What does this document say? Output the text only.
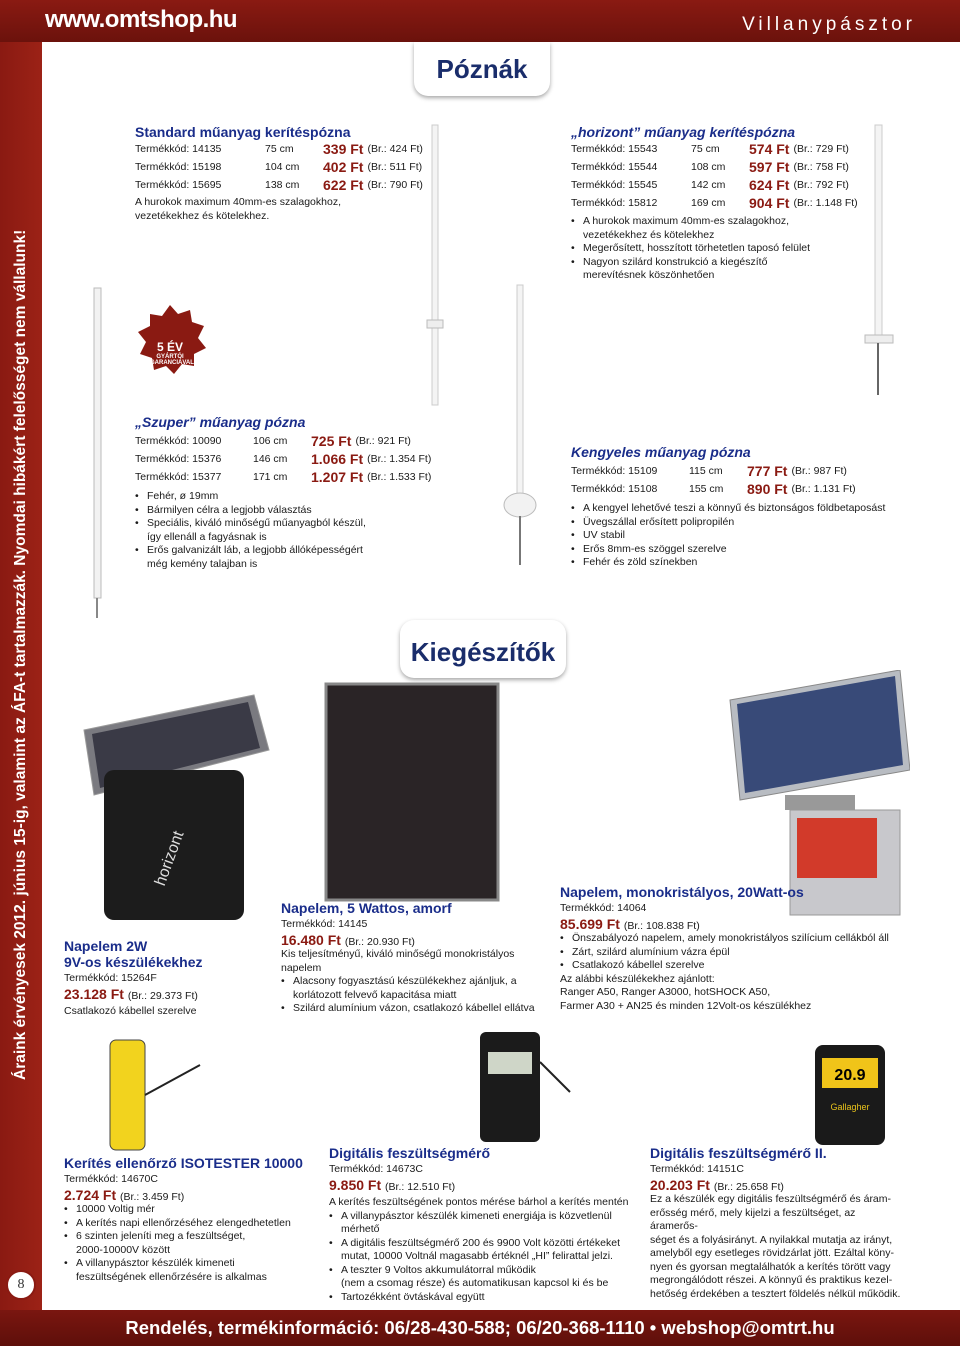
www.omtshop.hu	Villanypásztor
Áraink érvényesek 2012. június 15-ig, valamint az ÁFA-t tartalmazzák. Nyomdai hibákért felelősséget nem vállalunk!
8
Póznák
Kiegészítők
5 ÉV
GYÁRTÓI
GARANCIÁVAL!
Standard műanyag kerítéspózna
Termékkód: 14135	75 cm	339 Ft (Br.: 424 Ft)
Termékkód: 15198	104 cm	402 Ft (Br.: 511 Ft)
Termékkód: 15695	138 cm	622 Ft (Br.: 790 Ft)
A hurokok maximum 40mm-es szalagokhoz,
vezetékekhez és kötelekhez.
„horizont” műanyag kerítéspózna
Termékkód: 15543	75 cm	574 Ft (Br.: 729 Ft)
Termékkód: 15544	108 cm	597 Ft (Br.: 758 Ft)
Termékkód: 15545	142 cm	624 Ft (Br.: 792 Ft)
Termékkód: 15812	169 cm	904 Ft (Br.: 1.148 Ft)
• A hurokok maximum 40mm-es szalagokhoz,
vezetékekhez és kötelekhez
• Megerősített, hosszított törhetetlen taposó felület
• Nagyon szilárd konstrukció a kiegészítő
merevítésnek köszönhetően
„Szuper” műanyag pózna
Termékkód: 10090	106 cm	725 Ft (Br.: 921 Ft)
Termékkód: 15376	146 cm	1.066 Ft (Br.: 1.354 Ft)
Termékkód: 15377	171 cm	1.207 Ft (Br.: 1.533 Ft)
• Fehér, ø 19mm
• Bármilyen célra a legjobb választás
• Speciális, kiváló minőségű műanyagból készül,
így ellenáll a fagyásnak is
• Erős galvanizált láb, a legjobb állóképességért
még kemény talajban is
Kengyeles műanyag pózna
Termékkód: 15109	115 cm	777 Ft (Br.: 987 Ft)
Termékkód: 15108	155 cm	890 Ft (Br.: 1.131 Ft)
• A kengyel lehetővé teszi a könnyű és biztonságos földbetaposást
• Üvegszállal erősített polipropilén
• UV stabil
• Erős 8mm-es szöggel szerelve
• Fehér és zöld színekben
horizont
Napelem 2W
9V-os készülékekhez
Termékkód: 15264F
23.128 Ft (Br.: 29.373 Ft)
Csatlakozó kábellel szerelve
Napelem, 5 Wattos, amorf
Termékkód: 14145
16.480 Ft (Br.: 20.930 Ft)
Kis teljesítményű, kiváló minőségű monokristályos
napelem
• Alacsony fogyasztású készülékekhez ajánljuk, a
korlátozott felvevő kapacitása miatt
• Szilárd alumínium vázon, csatlakozó kábellel ellátva
Napelem, monokristályos, 20Watt-os
Termékkód: 14064
85.699 Ft (Br.: 108.838 Ft)
• Önszabályozó napelem, amely monokristályos szilícium cellákból áll
• Zárt, szilárd alumínium vázra épül
• Csatlakozó kábellel szerelve
Az alábbi készülékekhez ajánlott:
Ranger A50, Ranger A3000, hotSHOCK A50,
Farmer A30 + AN25 és minden 12Volt-os készülékhez
Kerítés ellenőrző ISOTESTER 10000
Termékkód: 14670C
2.724 Ft (Br.: 3.459 Ft)
• 10000 Voltig mér
• A kerítés napi ellenőrzéséhez elengedhetetlen
• 6 szinten jeleníti meg a feszültséget,
2000-10000V között
• A villanypásztor készülék kimeneti
feszültségének ellenőrzésére is alkalmas
Digitális feszültségmérő
Termékkód: 14673C
9.850 Ft (Br.: 12.510 Ft)
A kerítés feszültségének pontos mérése bárhol a kerítés mentén
• A villanypásztor készülék kimeneti energiája is közvetlenül mérhető
• A digitális feszültségmérő 200 és 9900 Volt közötti értékeket
mutat, 10000 Voltnál magasabb értéknél „HI” felirattal jelzi.
• A teszter 9 Voltos akkumulátorral működik
(nem a csomag része) és automatikusan kapcsol ki és be
• Tartozékként övtáskával együtt
20.9
Gallagher
Digitális feszültségmérő II.
Termékkód: 14151C
20.203 Ft (Br.: 25.658 Ft)
Ez a készülék egy digitális feszültségmérő és áram-
erősség mérő, mely kijelzi a feszültséget, az áramerős-
séget és a folyásirányt. A nyilakkal mutatja az irányt,
amelyből egy esetleges rövidzárlat jött. Ezáltal köny-
nyen és gyorsan megtalálhatók a kerítés törött vagy
megrongálódott részei. A könnyű és praktikus kezel-
hetőség érdekében a tesztert földelés nélkül működik.
Rendelés, termékinformáció: 06/28-430-588; 06/20-368-1110 • webshop@omtrt.hu
